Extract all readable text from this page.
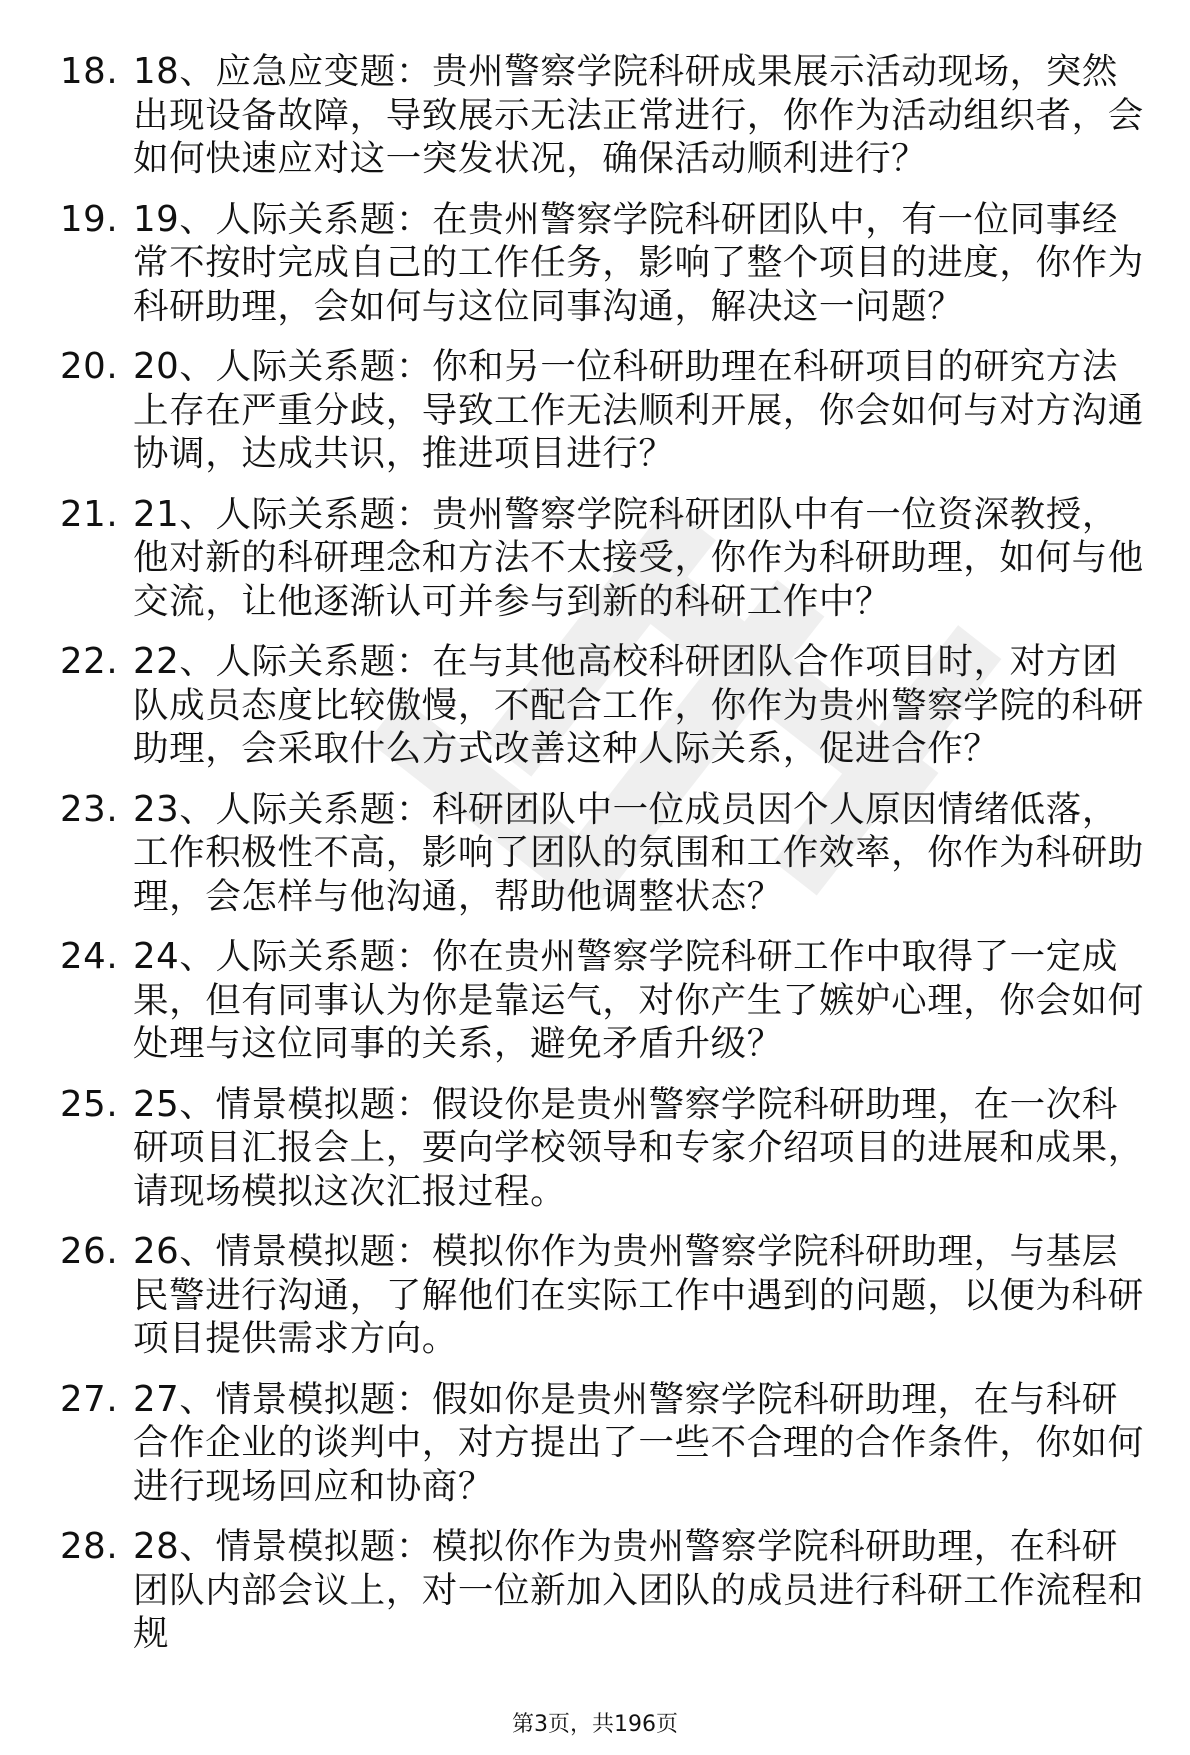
18. 18、应急应变题：贵州警察学院科研成果展示活动现场，突然出现设备故障，导致展示无法正常进行，你作为活动组织者，会如何快速应对这一突发状况，确保活动顺利进行？
19. 19、人际关系题：在贵州警察学院科研团队中，有一位同事经常不按时完成自己的工作任务，影响了整个项目的进度，你作为科研助理，会如何与这位同事沟通，解决这一问题？
20. 20、人际关系题：你和另一位科研助理在科研项目的研究方法上存在严重分歧，导致工作无法顺利开展，你会如何与对方沟通协调，达成共识，推进项目进行？
21. 21、人际关系题：贵州警察学院科研团队中有一位资深教授，他对新的科研理念和方法不太接受，你作为科研助理，如何与他交流，让他逐渐认可并参与到新的科研工作中？
22. 22、人际关系题：在与其他高校科研团队合作项目时，对方团队成员态度比较傲慢，不配合工作，你作为贵州警察学院的科研助理，会采取什么方式改善这种人际关系，促进合作？
23. 23、人际关系题：科研团队中一位成员因个人原因情绪低落，工作积极性不高，影响了团队的氛围和工作效率，你作为科研助理，会怎样与他沟通，帮助他调整状态？
24. 24、人际关系题：你在贵州警察学院科研工作中取得了一定成果，但有同事认为你是靠运气，对你产生了嫉妒心理，你会如何处理与这位同事的关系，避免矛盾升级？
25. 25、情景模拟题：假设你是贵州警察学院科研助理，在一次科研项目汇报会上，要向学校领导和专家介绍项目的进展和成果，请现场模拟这次汇报过程。
26. 26、情景模拟题：模拟你作为贵州警察学院科研助理，与基层民警进行沟通，了解他们在实际工作中遇到的问题，以便为科研项目提供需求方向。
27. 27、情景模拟题：假如你是贵州警察学院科研助理，在与科研合作企业的谈判中，对方提出了一些不合理的合作条件，你如何进行现场回应和协商？
28. 28、情景模拟题：模拟你作为贵州警察学院科研助理，在科研团队内部会议上，对一位新加入团队的成员进行科研工作流程和规
第3页，共196页
